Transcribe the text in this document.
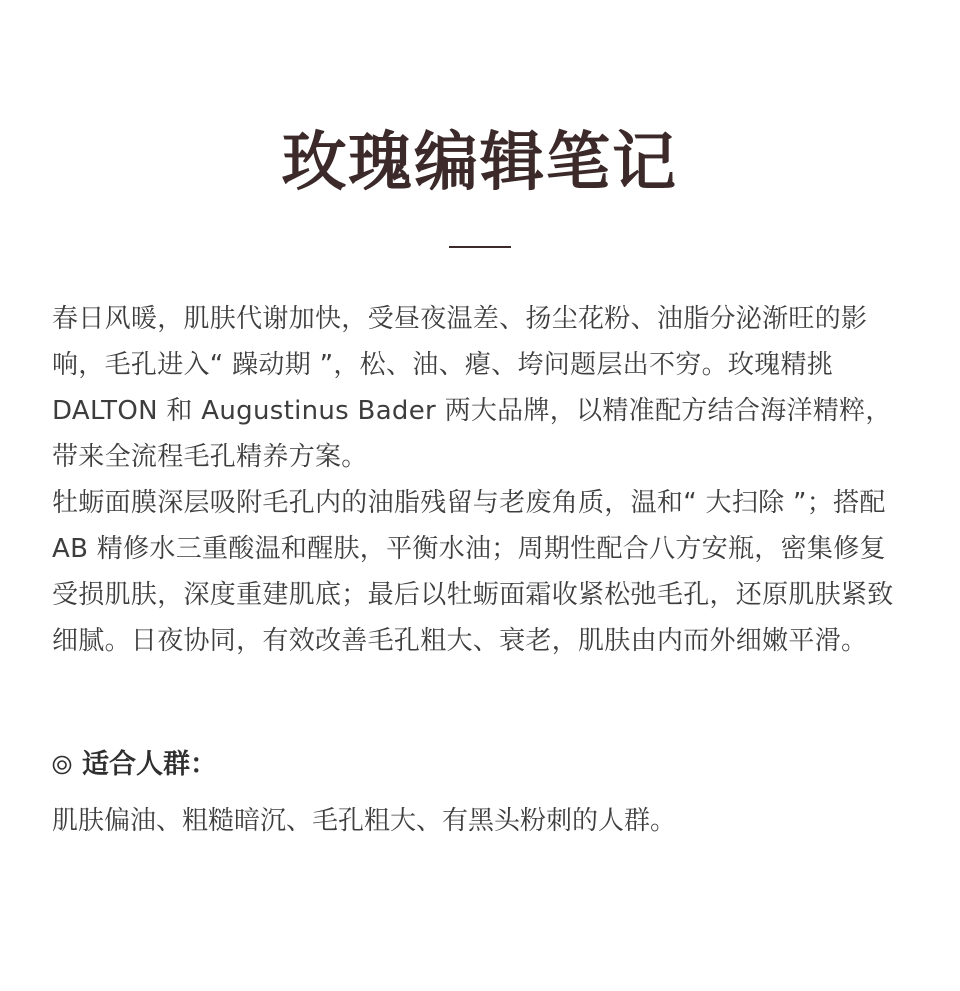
玫瑰编辑笔记

春日风暖，肌肤代谢加快，受昼夜温差、扬尘花粉、油脂分泌渐旺的影响，毛孔进入“ 躁动期 ”，松、油、瘪、垮问题层出不穷。玫瑰精挑 DALTON 和 Augustinus Bader 两大品牌，以精准配方结合海洋精粹，带来全流程毛孔精养方案。

牡蛎面膜深层吸附毛孔内的油脂残留与老废角质，温和“ 大扫除 ”；搭配 AB 精修水三重酸温和醒肤，平衡水油；周期性配合八方安瓶，密集修复受损肌肤，深度重建肌底；最后以牡蛎面霜收紧松弛毛孔，还原肌肤紧致细腻。日夜协同，有效改善毛孔粗大、衰老，肌肤由内而外细嫩平滑。

适合人群：
肌肤偏油、粗糙暗沉、毛孔粗大、有黑头粉刺的人群。
